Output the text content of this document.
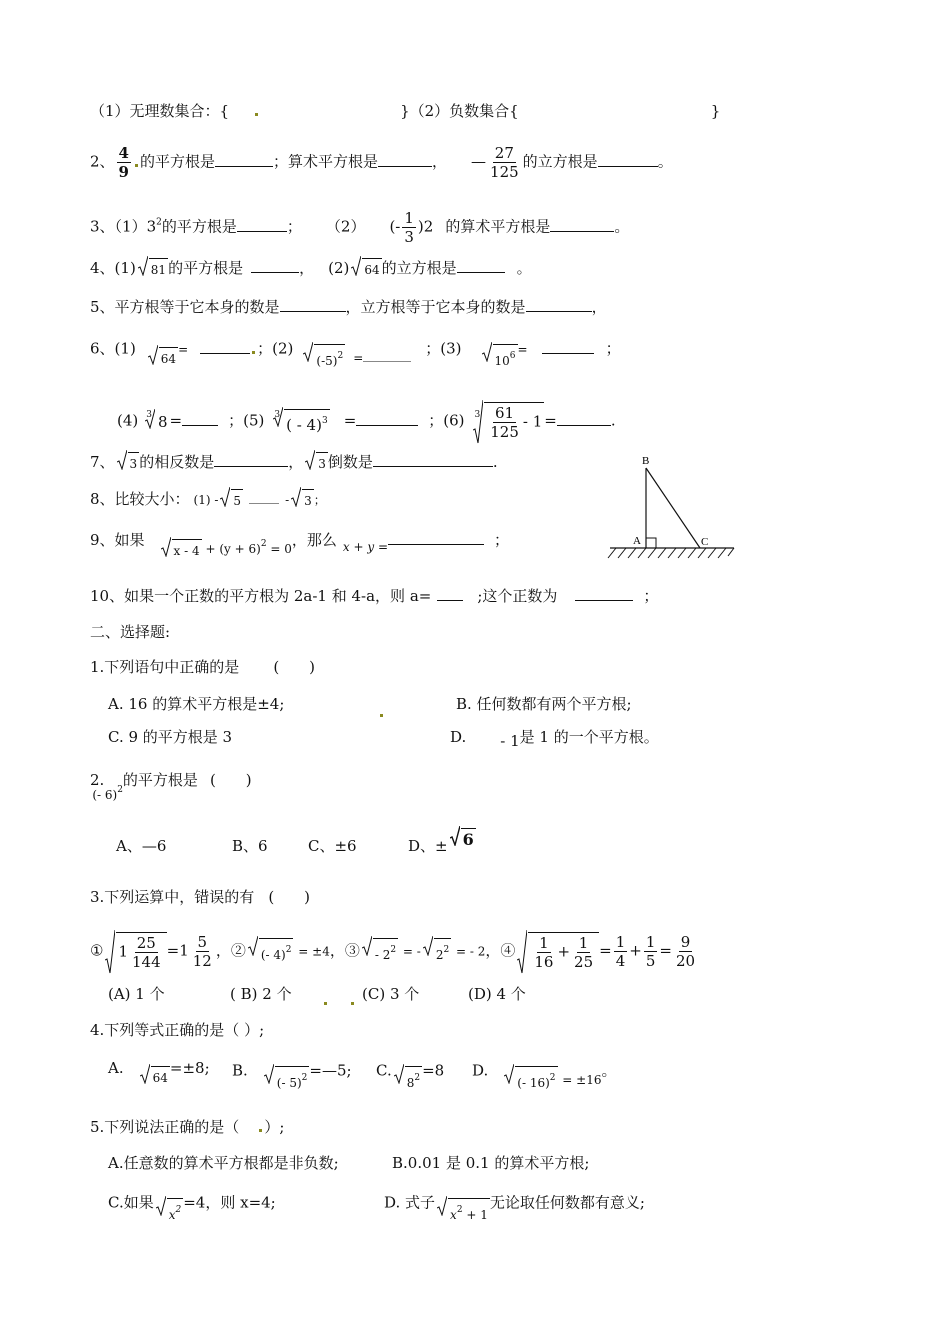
（1）无理数集合：{	}（2）负数集合{	}
2、 $\frac{4}{9}$ 的平方根是	；算术平方根是	， — $\frac{27}{125}$ 的立方根是	。
3、$(1)3^2$的平方根是	； （2） (- $\frac{1}{3} )2$ 的算术平方根是	。
4、(1) 81 的平方根是	， (2) 64 的立方根是	。
5、平方根等于它本身的数是	，立方根等于它本身的数是	，
6、(1)
64=	；(2)
$(-5)^2$ $_=$	；(3)
$10^6$ =	；
(4) $^3$ 8 =	；(5) $^3$
( - 4)$^3$ =	；(6) $^3 \frac{61}{125} - 1$ =	.
7、 3 的相反数是	， 3 倒数是	.
8、比较大小： (1) - 5	- 3 ；
9、如果
$_{x - 4 + (y + 6)^2 = 0}$，那么 $_{x + y =}$	；
B
A	C
10、如果一个正数的平方根为 2a-1 和 4-a，则 a=	;这个正数为	；
二、选择题:
1.下列语句中正确的是 (　　)
A. 16 的算术平方根是±4;	B. 任何数都有两个平方根;
C. 9 的平方根是 3	D. - 1是 1 的一个平方根。
$2._{(- 6)^2}$的平方根是 (　　)
A、—6	B、6	C、±6	D、± 6
3.下列运算中，错误的有 (　　)
① $1 \frac{25}{144} =1 \frac{5}{12}$ ，② (- 4)$^2$ = ±4，③ - $2^2$ = - $2^2$ = - 2，④ $\frac{1}{16} + \frac{1}{25} = \frac{1}{4} + \frac{1}{5} = \frac{9}{20}$
(A) 1 个	( B) 2 个	(C) 3 个	(D) 4 个
4.下列等式正确的是（ ）;
A.
64=±8; B.
(- 5)$^2$ =—5; C.
$8^2 =8$ D.
(- 16)$^2$ $_{= \pm 16}$。
5.下列说法正确的是（ ）;
A.任意数的算术平方根都是非负数;	B.0.01 是 0.1 的算术平方根;
C.如果
$x^2 =4$，则 x=4;	D. 式子
$x^2 + 1$无论取任何数都有意义;
